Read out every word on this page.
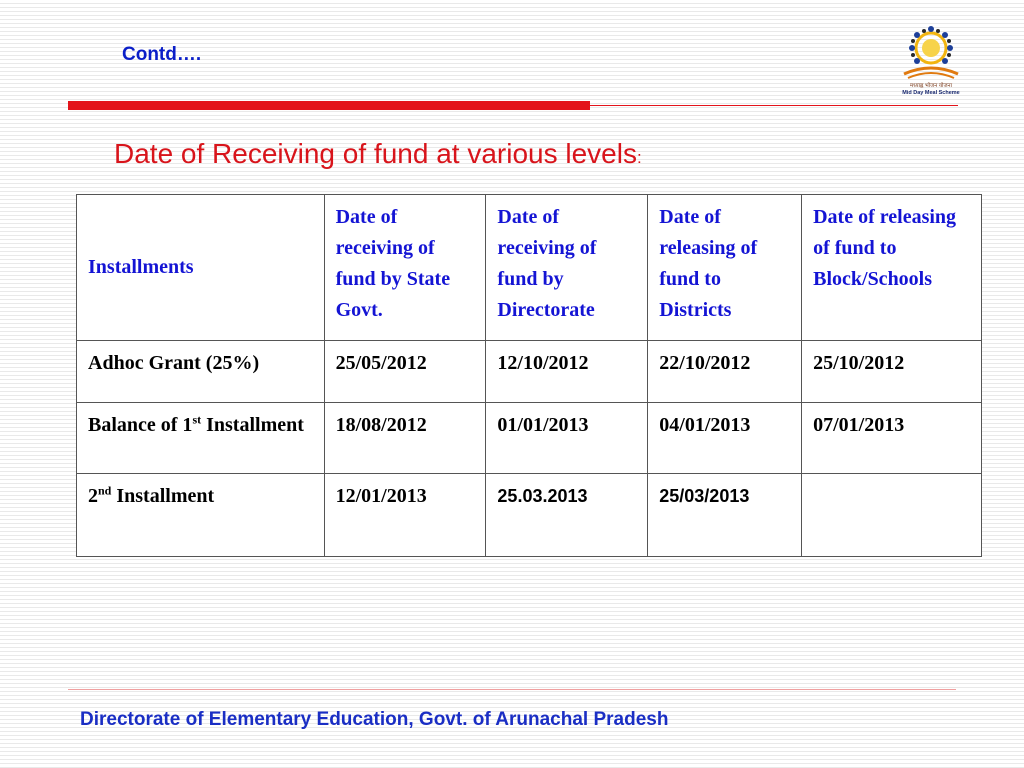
Contd….
मध्याह्न भोजन योजना
Mid Day Meal Scheme
Date of Receiving of fund at various levels:
Installments	Date of receiving of fund by State Govt.	Date of receiving of fund by Directorate	Date of releasing of fund to Districts	Date of releasing of fund to Block/Schools
Adhoc Grant (25%)	25/05/2012	12/10/2012	22/10/2012	25/10/2012
Balance of 1st Installment	18/08/2012	01/01/2013	04/01/2013	07/01/2013
2nd Installment	12/01/2013	25.03.2013	25/03/2013	
Directorate of Elementary Education, Govt. of Arunachal Pradesh
